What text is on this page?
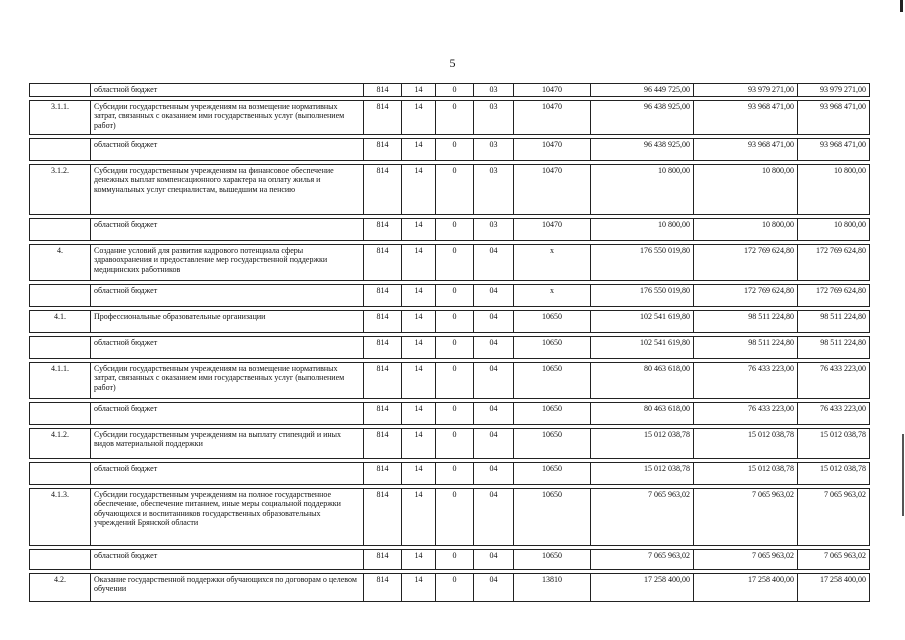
5
	областной бюджет	814	14	0	03	10470	96 449 725,00	93 979 271,00	93 979 271,00

3.1.1.	Субсидии государственным учреждениям на возмещение нормативных затрат, связанных с оказанием ими государственных услуг (выполнением работ)	814	14	0	03	10470	96 438 925,00	93 968 471,00	93 968 471,00

	областной бюджет	814	14	0	03	10470	96 438 925,00	93 968 471,00	93 968 471,00

3.1.2.	Субсидии государственным учреждениям на финансовое обеспечение денежных выплат компенсационного характера на оплату жилья и коммунальных услуг специалистам, вышедшим на пенсию	814	14	0	03	10470	10 800,00	10 800,00	10 800,00

	областной бюджет	814	14	0	03	10470	10 800,00	10 800,00	10 800,00

4.	Создание условий для развития кадрового потенциала сферы здравоохранения и предоставление мер государственной поддержки медицинских работников	814	14	0	04	х	176 550 019,80	172 769 624,80	172 769 624,80

	областной бюджет	814	14	0	04	х	176 550 019,80	172 769 624,80	172 769 624,80

4.1.	Профессиональные образовательные организации	814	14	0	04	10650	102 541 619,80	98 511 224,80	98 511 224,80

	областной бюджет	814	14	0	04	10650	102 541 619,80	98 511 224,80	98 511 224,80

4.1.1.	Субсидии государственным учреждениям на возмещение нормативных затрат, связанных с оказанием ими государственных услуг (выполнением работ)	814	14	0	04	10650	80 463 618,00	76 433 223,00	76 433 223,00

	областной бюджет	814	14	0	04	10650	80 463 618,00	76 433 223,00	76 433 223,00

4.1.2.	Субсидии государственным учреждениям на выплату стипендий и иных видов материальной поддержки	814	14	0	04	10650	15 012 038,78	15 012 038,78	15 012 038,78

	областной бюджет	814	14	0	04	10650	15 012 038,78	15 012 038,78	15 012 038,78

4.1.3.	Субсидии государственным учреждениям на полное государственное обеспечение, обеспечение питанием, иные меры социальной поддержки обучающихся и воспитанников государственных образовательных учреждений Брянской области	814	14	0	04	10650	7 065 963,02	7 065 963,02	7 065 963,02

	областной бюджет	814	14	0	04	10650	7 065 963,02	7 065 963,02	7 065 963,02

4.2.	Оказание государственной поддержки обучающихся по договорам о целевом обучении	814	14	0	04	13810	17 258 400,00	17 258 400,00	17 258 400,00
